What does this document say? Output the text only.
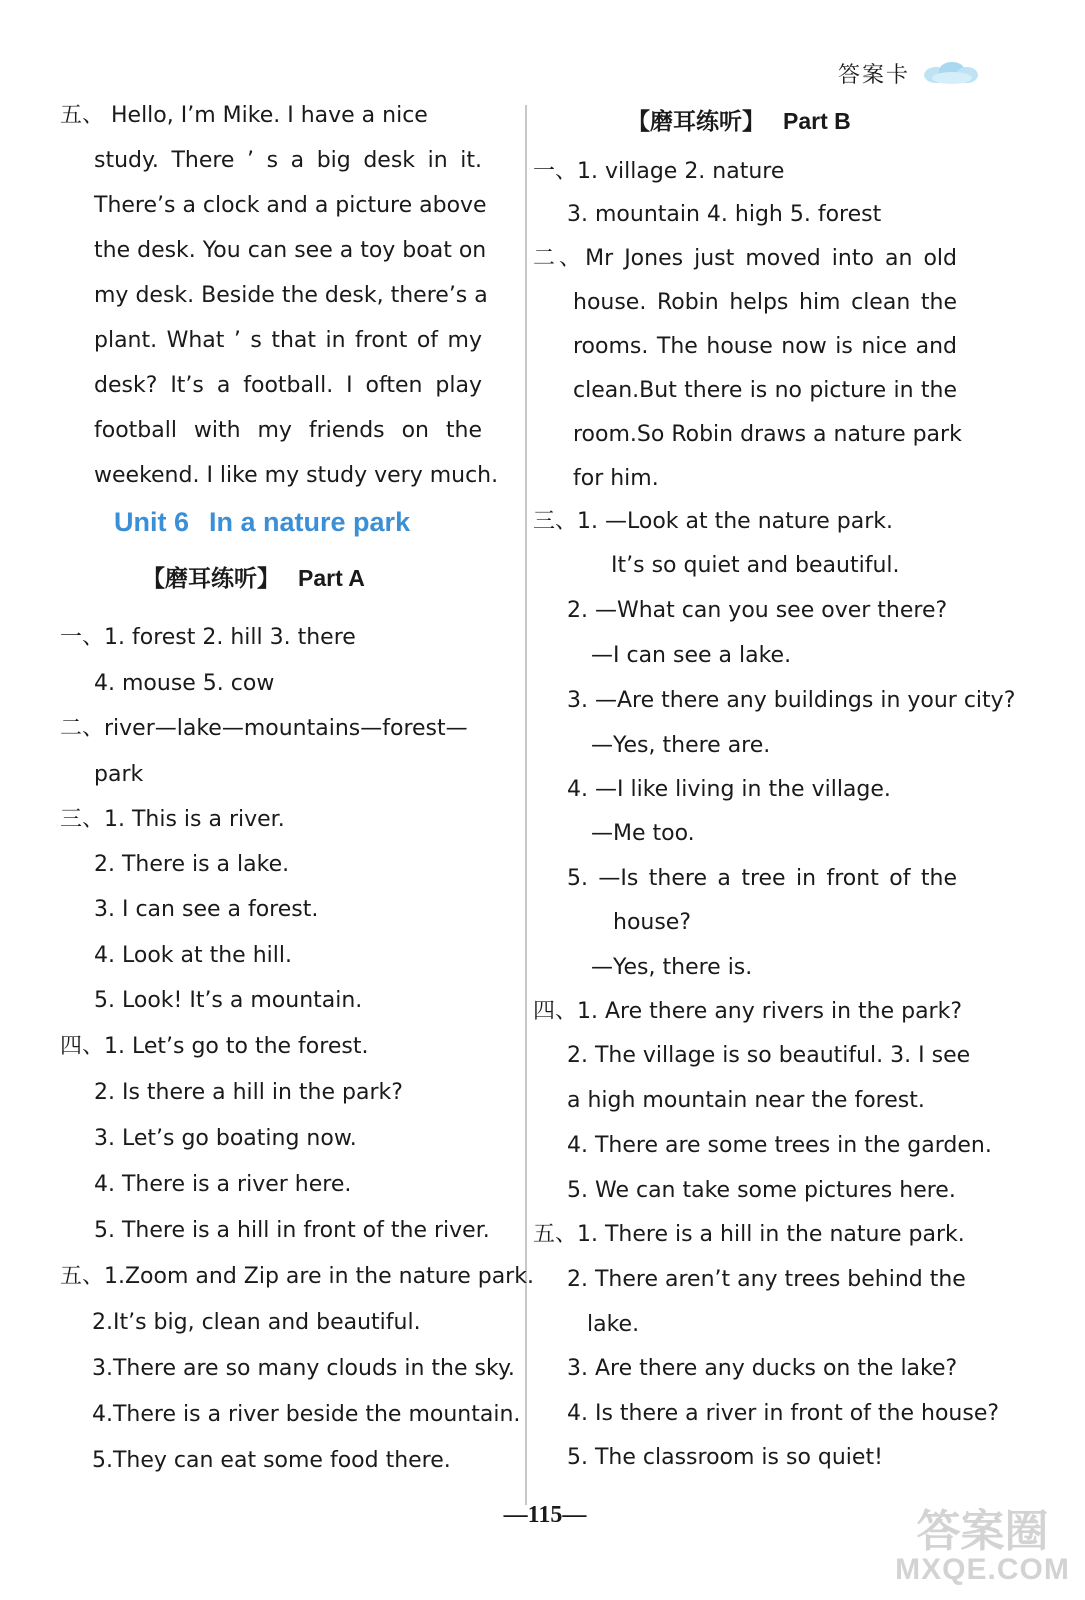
答案卡
五、 Hello, I’m Mike. I have a nice
study. There ’ s a big desk in it.
There’s a clock and a picture above
the desk. You can see a toy boat on
my desk. Beside the desk, there’s a
plant. What ’ s that in front of my
desk? It’s a football. I often play
football with my friends on the
weekend. I like my study very much.
Unit 6 In a nature park
【磨耳练听】 Part A
一、1. forest 2. hill 3. there
4. mouse 5. cow
二、river—lake—mountains—forest—
park
三、1. This is a river.
2. There is a lake.
3. I can see a forest.
4. Look at the hill.
5. Look! It’s a mountain.
四、1. Let’s go to the forest.
2. Is there a hill in the park?
3. Let’s go boating now.
4. There is a river here.
5. There is a hill in front of the river.
五、1.Zoom and Zip are in the nature park.
2.It’s big, clean and beautiful.
3.There are so many clouds in the sky.
4.There is a river beside the mountain.
5.They can eat some food there.
【磨耳练听】 Part B
一、1. village 2. nature
3. mountain 4. high 5. forest
二、Mr Jones just moved into an old
house. Robin helps him clean the
rooms. The house now is nice and
clean.But there is no picture in the
room.So Robin draws a nature park
for him.
三、1. —Look at the nature park.
It’s so quiet and beautiful.
2. —What can you see over there?
—I can see a lake.
3. —Are there any buildings in your city?
—Yes, there are.
4. —I like living in the village.
—Me too.
5. —Is there a tree in front of the
house?
—Yes, there is.
四、1. Are there any rivers in the park?
2. The village is so beautiful. 3. I see
a high mountain near the forest.
4. There are some trees in the garden.
5. We can take some pictures here.
五、1. There is a hill in the nature park.
2. There aren’t any trees behind the
lake.
3. Are there any ducks on the lake?
4. Is there a river in front of the house?
5. The classroom is so quiet!
—115—	答案圈
MXQE.COM
